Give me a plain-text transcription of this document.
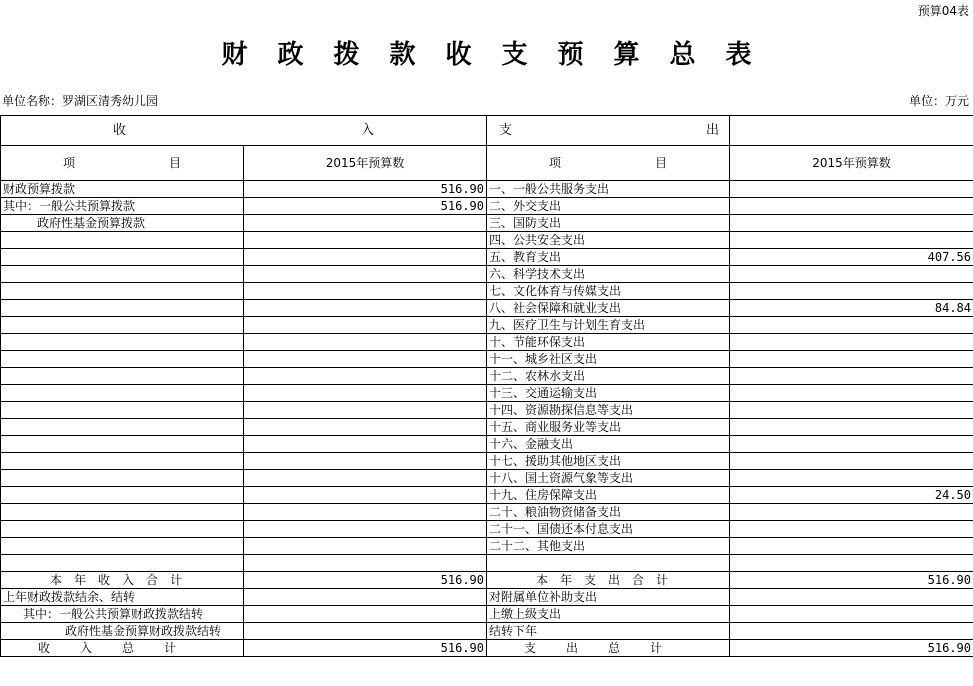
预算04表
财政拨款收支预算总表
单位名称：罗湖区清秀幼儿园	单位：万元
收 入		支 出	

项 目	2015年预算数	项 目	2015年预算数
财政预算拨款	516.90	一、一般公共服务支出	
其中：一般公共预算拨款	516.90	二、外交支出	
政府性基金预算拨款		三、国防支出	
		四、公共安全支出	
		五、教育支出	407.56
		六、科学技术支出	
		七、文化体育与传媒支出	
		八、社会保障和就业支出	84.84
		九、医疗卫生与计划生育支出	
		十、节能环保支出	
		十一、城乡社区支出	
		十二、农林水支出	
		十三、交通运输支出	
		十四、资源勘探信息等支出	
		十五、商业服务业等支出	
		十六、金融支出	
		十七、援助其他地区支出	
		十八、国土资源气象等支出	
		十九、住房保障支出	24.50
		二十、粮油物资储备支出	
		二十一、国债还本付息支出	
		二十二、其他支出	

本年收入合计	516.90	本年支出合计	516.90
上年财政拨款结余、结转		对附属单位补助支出	
其中：一般公共预算财政拨款结转		上缴上级支出	
政府性基金预算财政拨款结转		结转下年	
收入总计	516.90	支出总计	516.90
